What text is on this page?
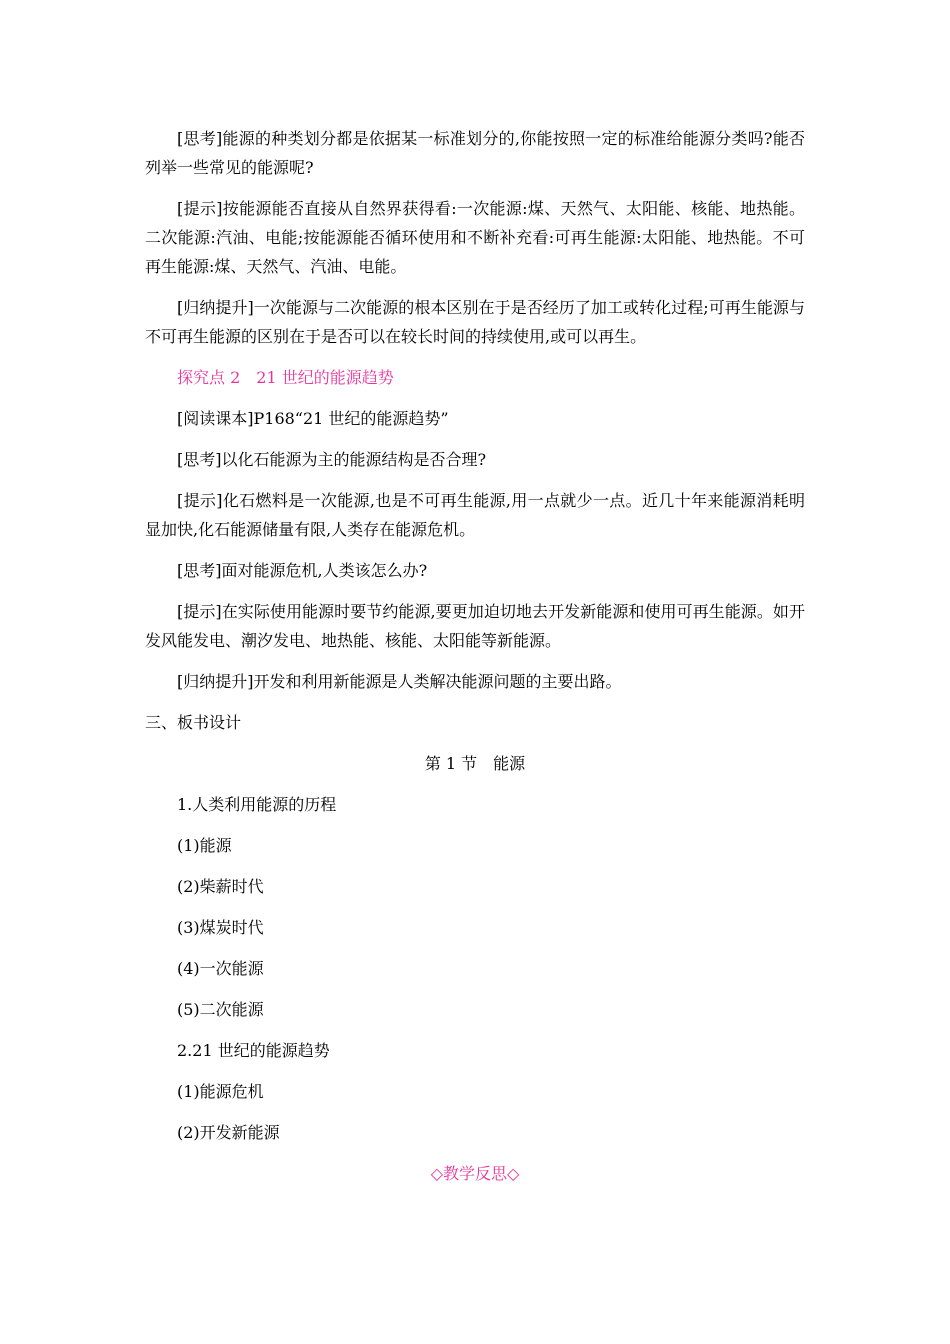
[思考]能源的种类划分都是依据某一标准划分的,你能按照一定的标准给能源分类吗?能否列举一些常见的能源呢?

[提示]按能源能否直接从自然界获得看:一次能源:煤、天然气、太阳能、核能、地热能。二次能源:汽油、电能;按能源能否循环使用和不断补充看:可再生能源:太阳能、地热能。不可再生能源:煤、天然气、汽油、电能。

[归纳提升]一次能源与二次能源的根本区别在于是否经历了加工或转化过程;可再生能源与不可再生能源的区别在于是否可以在较长时间的持续使用,或可以再生。

探究点 2　21 世纪的能源趋势

[阅读课本]P168“21 世纪的能源趋势”

[思考]以化石能源为主的能源结构是否合理?

[提示]化石燃料是一次能源,也是不可再生能源,用一点就少一点。近几十年来能源消耗明显加快,化石能源储量有限,人类存在能源危机。

[思考]面对能源危机,人类该怎么办?

[提示]在实际使用能源时要节约能源,要更加迫切地去开发新能源和使用可再生能源。如开发风能发电、潮汐发电、地热能、核能、太阳能等新能源。

[归纳提升]开发和利用新能源是人类解决能源问题的主要出路。

三、板书设计

第 1 节　能源

1.人类利用能源的历程

(1)能源

(2)柴薪时代

(3)煤炭时代

(4)一次能源

(5)二次能源

2.21 世纪的能源趋势

(1)能源危机

(2)开发新能源

◇教学反思◇
